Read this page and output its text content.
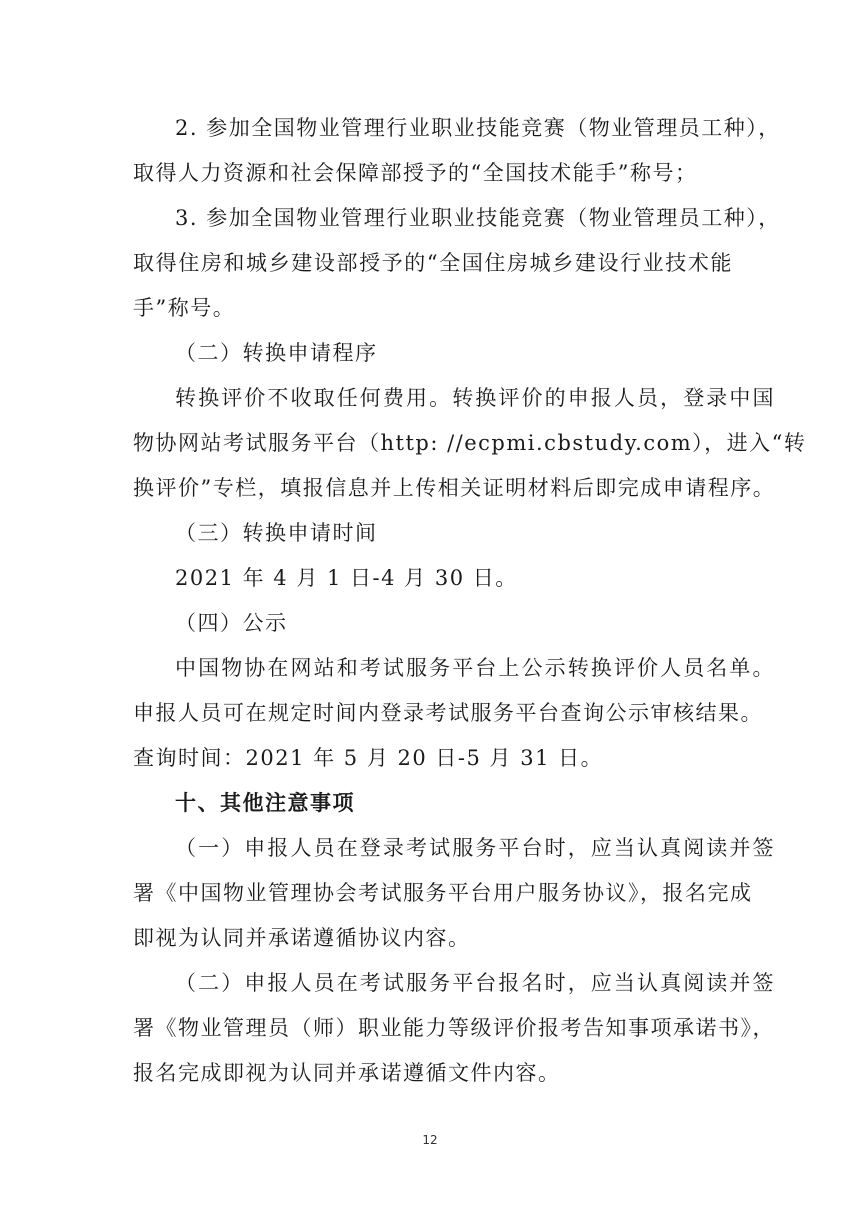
2. 参加全国物业管理行业职业技能竞赛（物业管理员工种），
取得人力资源和社会保障部授予的“全国技术能手”称号；
3. 参加全国物业管理行业职业技能竞赛（物业管理员工种），
取得住房和城乡建设部授予的“全国住房城乡建设行业技术能
手”称号。
（二）转换申请程序
转换评价不收取任何费用。转换评价的申报人员，登录中国
物协网站考试服务平台（http: //ecpmi.cbstudy.com），进入“转
换评价”专栏，填报信息并上传相关证明材料后即完成申请程序。
（三）转换申请时间
2021 年 4 月 1 日-4 月 30 日。
（四）公示
中国物协在网站和考试服务平台上公示转换评价人员名单。
申报人员可在规定时间内登录考试服务平台查询公示审核结果。
查询时间：2021 年 5 月 20 日-5 月 31 日。
十、其他注意事项
（一）申报人员在登录考试服务平台时，应当认真阅读并签
署《中国物业管理协会考试服务平台用户服务协议》，报名完成
即视为认同并承诺遵循协议内容。
（二）申报人员在考试服务平台报名时，应当认真阅读并签
署《物业管理员（师）职业能力等级评价报考告知事项承诺书》，
报名完成即视为认同并承诺遵循文件内容。
12
